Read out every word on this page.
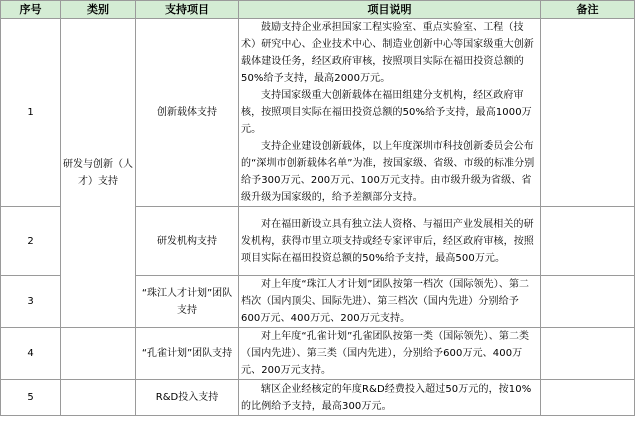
序号	类别	支持项目	项目说明	备注
1	研发与创新（人才）支持	创新载体支持	鼓励支持企业承担国家工程实验室、重点实验室、工程（技术）研究中心、企业技术中心、制造业创新中心等国家级重大创新载体建设任务，经区政府审核，按照项目实际在福田投资总额的50%给予支持，最高2000万元。

支持国家级重大创新载体在福田组建分支机构，经区政府审核，按照项目实际在福田投资总额的50%给予支持，最高1000万元。

支持企业建设创新载体，以上年度深圳市科技创新委员会公布的“深圳市创新载体名单”为准，按国家级、省级、市级的标准分别给予300万元、200万元、100万元支持。由市级升级为省级、省级升级为国家级的，给予差额部分支持。	

2		研发机构支持	对在福田新设立具有独立法人资格、与福田产业发展相关的研发机构，获得市里立项支持或经专家评审后，经区政府审核，按照项目实际在福田投资总额的50%给予支持，最高500万元。	

3		“珠江人才计划”团队支持	对上年度“珠江人才计划”团队按第一档次（国际领先）、第二档次（国内顶尖、国际先进）、第三档次（国内先进）分别给予600万元、400万元、200万元支持。	

4		“孔雀计划”团队支持	对上年度“孔雀计划”孔雀团队按第一类（国际领先）、第二类（国内先进）、第三类（国内先进），分别给予600万元、400万元、200万元支持。	

5		R&D投入支持	辖区企业经核定的年度R&D经费投入超过50万元的，按10%的比例给予支持，最高300万元。	
